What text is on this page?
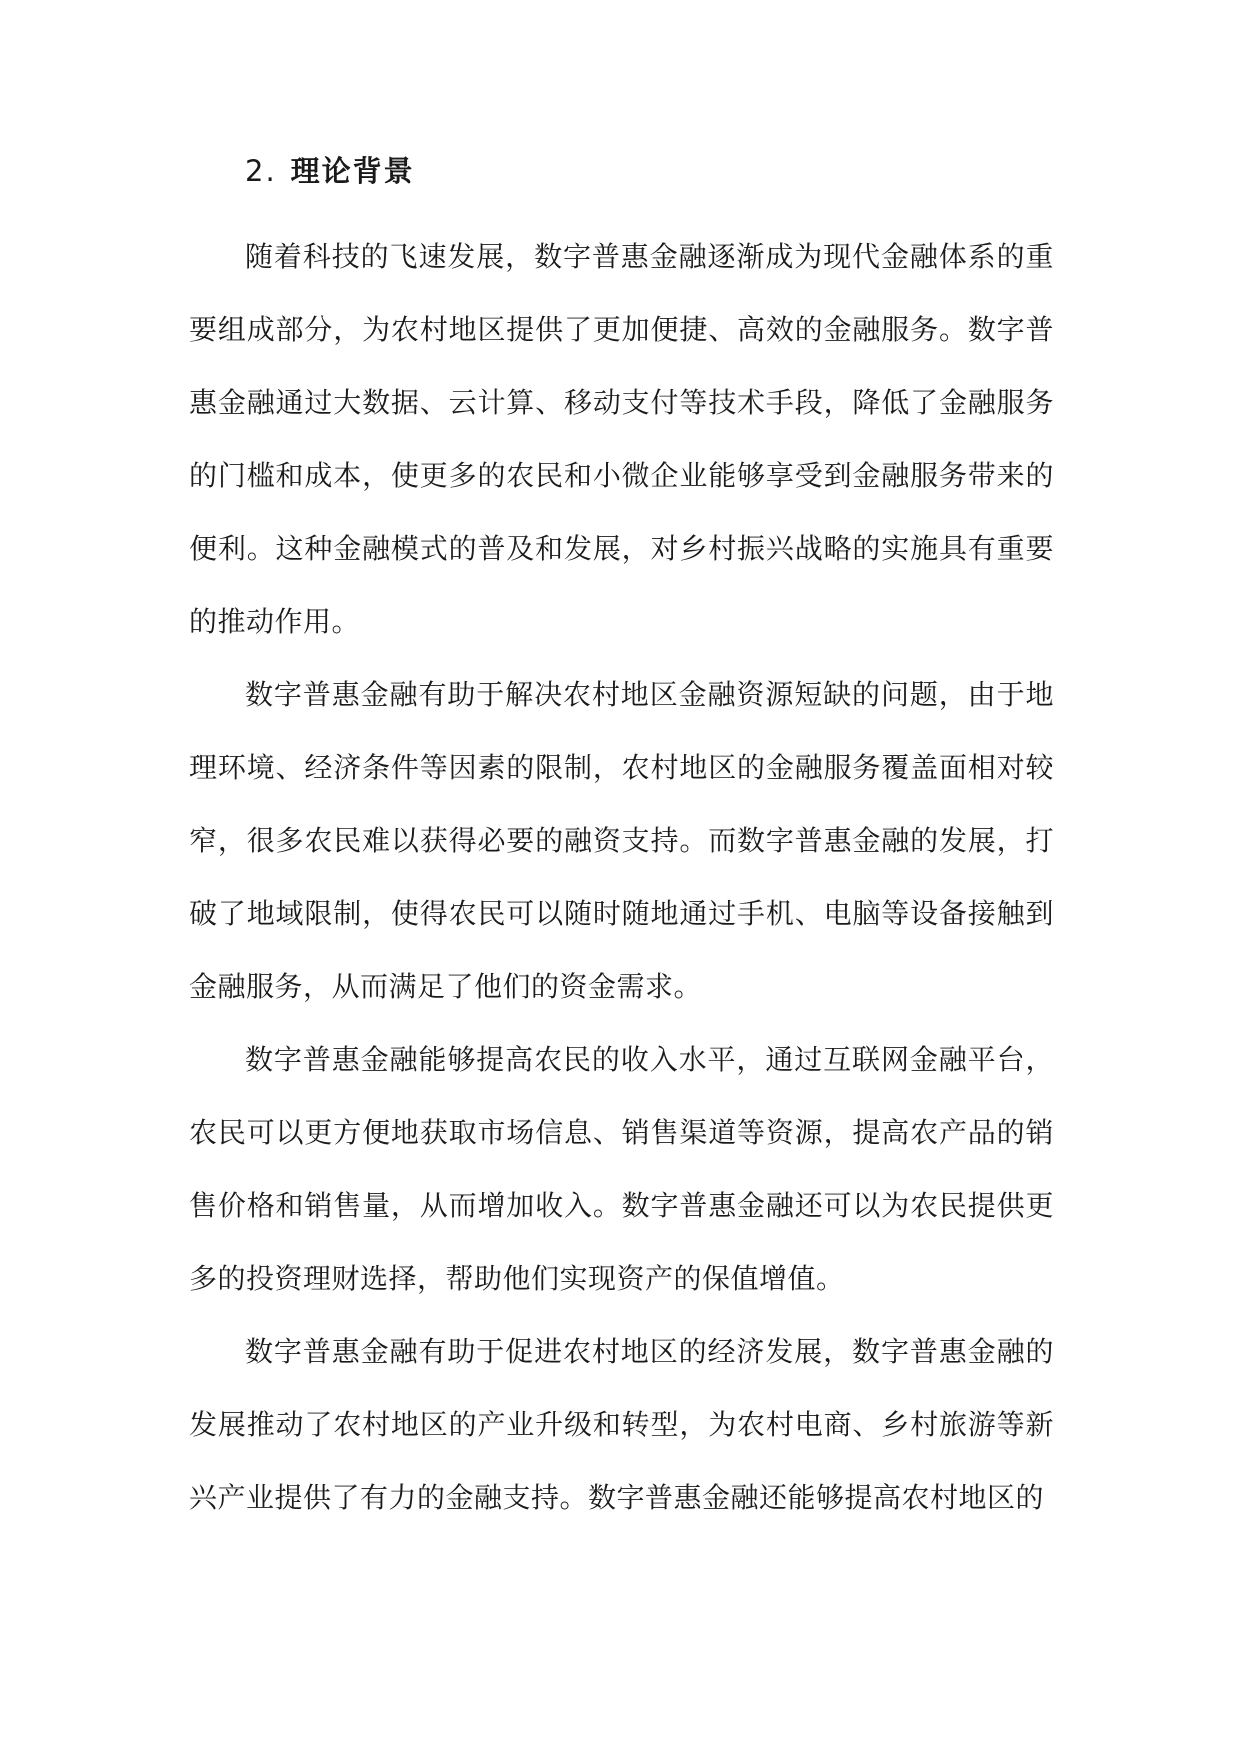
2. 理论背景

随着科技的飞速发展，数字普惠金融逐渐成为现代金融体系的重要组成部分，为农村地区提供了更加便捷、高效的金融服务。数字普惠金融通过大数据、云计算、移动支付等技术手段，降低了金融服务的门槛和成本，使更多的农民和小微企业能够享受到金融服务带来的便利。这种金融模式的普及和发展，对乡村振兴战略的实施具有重要的推动作用。

数字普惠金融有助于解决农村地区金融资源短缺的问题，由于地理环境、经济条件等因素的限制，农村地区的金融服务覆盖面相对较窄，很多农民难以获得必要的融资支持。而数字普惠金融的发展，打破了地域限制，使得农民可以随时随地通过手机、电脑等设备接触到金融服务，从而满足了他们的资金需求。

数字普惠金融能够提高农民的收入水平，通过互联网金融平台，农民可以更方便地获取市场信息、销售渠道等资源，提高农产品的销售价格和销售量，从而增加收入。数字普惠金融还可以为农民提供更多的投资理财选择，帮助他们实现资产的保值增值。

数字普惠金融有助于促进农村地区的经济发展，数字普惠金融的发展推动了农村地区的产业升级和转型，为农村电商、乡村旅游等新兴产业提供了有力的金融支持。数字普惠金融还能够提高农村地区的
